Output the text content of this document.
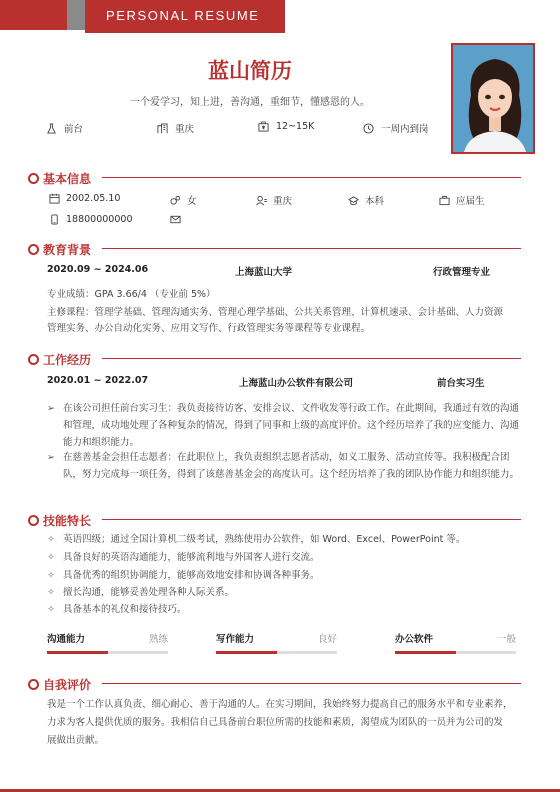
PERSONAL RESUME
蓝山简历
一个爱学习，知上进，善沟通，重细节，懂感恩的人。
前台	重庆	12~15K	一周内到岗
基本信息
2002.05.10	女	重庆	本科	应届生
18800000000
教育背景
2020.09 ~ 2024.06	上海蓝山大学	行政管理专业
专业成绩：GPA 3.66/4 （专业前 5%）
主修课程：管理学基础、管理沟通实务、管理心理学基础、公共关系管理、计算机速录、会计基础、人力资源
管理实务、办公自动化实务、应用文写作、行政管理实务等课程等专业课程。
工作经历
2020.01 ~ 2022.07	上海蓝山办公软件有限公司	前台实习生
➢ 在该公司担任前台实习生：我负责接待访客、安排会议、文件收发等行政工作。在此期间，我通过有效的沟通和管理，成功地处理了各种复杂的情况，得到了同事和上级的高度评价。这个经历培养了我的应变能力、沟通能力和组织能力。
➢ 在慈善基金会担任志愿者：在此职位上，我负责组织志愿者活动，如义工服务、活动宣传等。我积极配合团队，努力完成每一项任务，得到了该慈善基金会的高度认可。这个经历培养了我的团队协作能力和组织能力。
技能特长
✧ 英语四级；通过全国计算机二级考试，熟练使用办公软件，如 Word、Excel、PowerPoint 等。
✧ 具备良好的英语沟通能力，能够流利地与外国客人进行交流。
✧ 具备优秀的组织协调能力，能够高效地安排和协调各种事务。
✧ 擅长沟通，能够妥善处理各种人际关系。
✧ 具备基本的礼仪和接待技巧。
沟通能力	熟练	写作能力	良好	办公软件	一般
自我评价
我是一个工作认真负责、细心耐心、善于沟通的人。在实习期间，我始终努力提高自己的服务水平和专业素养，
力求为客人提供优质的服务。我相信自己具备前台职位所需的技能和素质，渴望成为团队的一员并为公司的发
展做出贡献。
